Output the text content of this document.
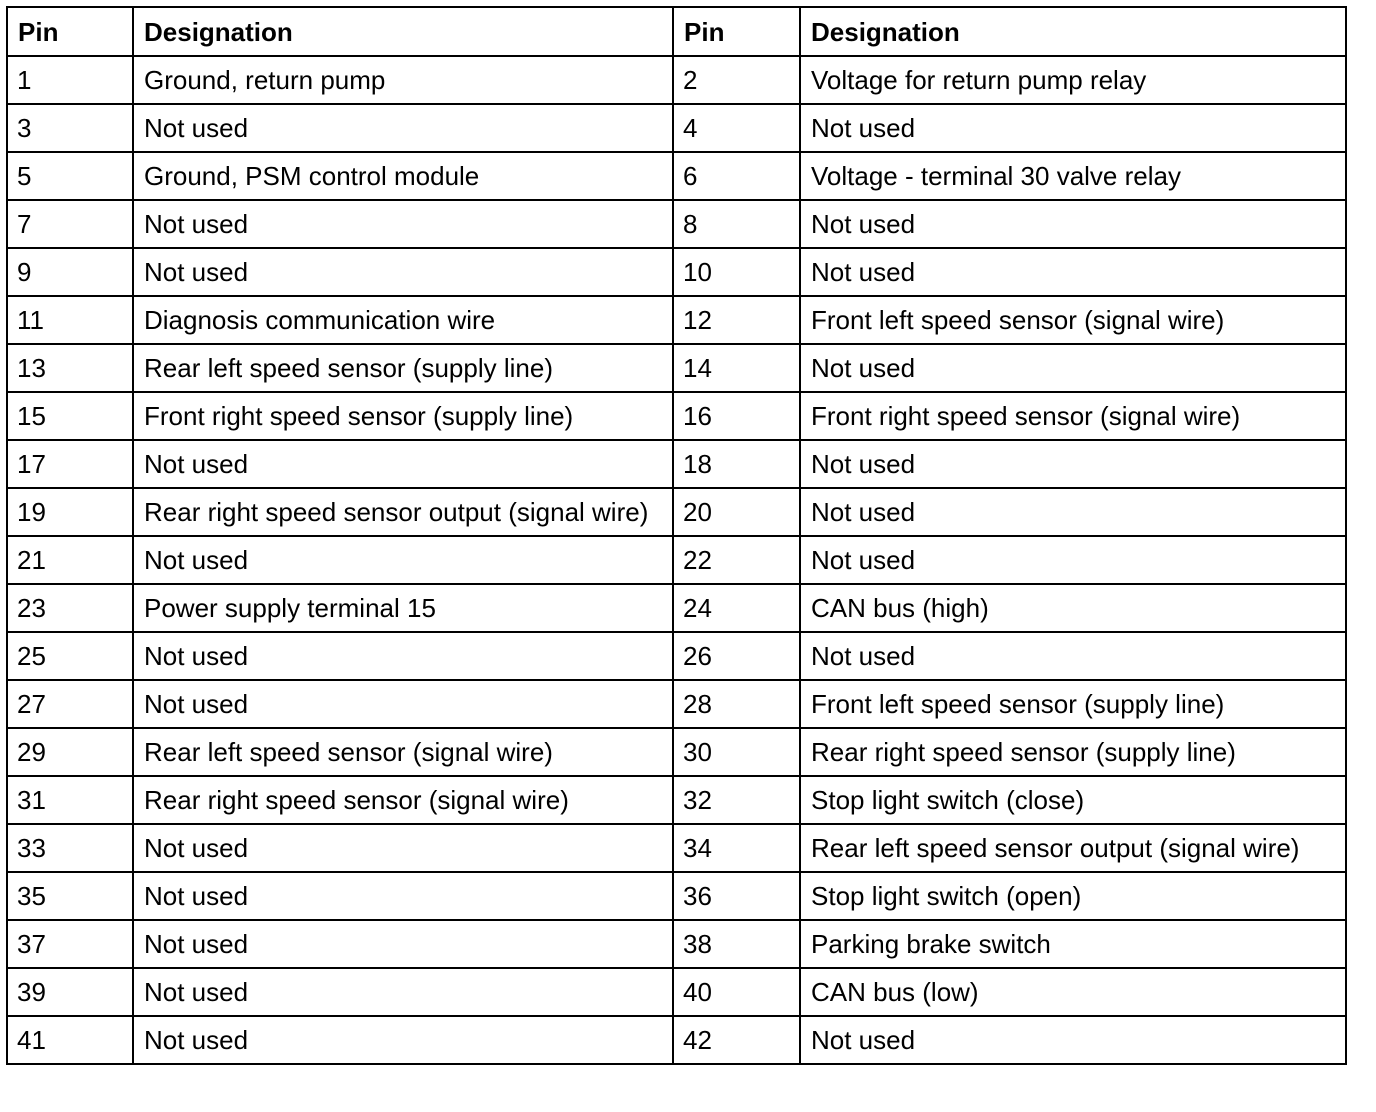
Pin	Designation	Pin	Designation
1	Ground, return pump	2	Voltage for return pump relay
3	Not used	4	Not used
5	Ground, PSM control module	6	Voltage - terminal 30 valve relay
7	Not used	8	Not used
9	Not used	10	Not used
11	Diagnosis communication wire	12	Front left speed sensor (signal wire)
13	Rear left speed sensor (supply line)	14	Not used
15	Front right speed sensor (supply line)	16	Front right speed sensor (signal wire)
17	Not used	18	Not used
19	Rear right speed sensor output (signal wire)	20	Not used
21	Not used	22	Not used
23	Power supply terminal 15	24	CAN bus (high)
25	Not used	26	Not used
27	Not used	28	Front left speed sensor (supply line)
29	Rear left speed sensor (signal wire)	30	Rear right speed sensor (supply line)
31	Rear right speed sensor (signal wire)	32	Stop light switch (close)
33	Not used	34	Rear left speed sensor output (signal wire)
35	Not used	36	Stop light switch (open)
37	Not used	38	Parking brake switch
39	Not used	40	CAN bus (low)
41	Not used	42	Not used
